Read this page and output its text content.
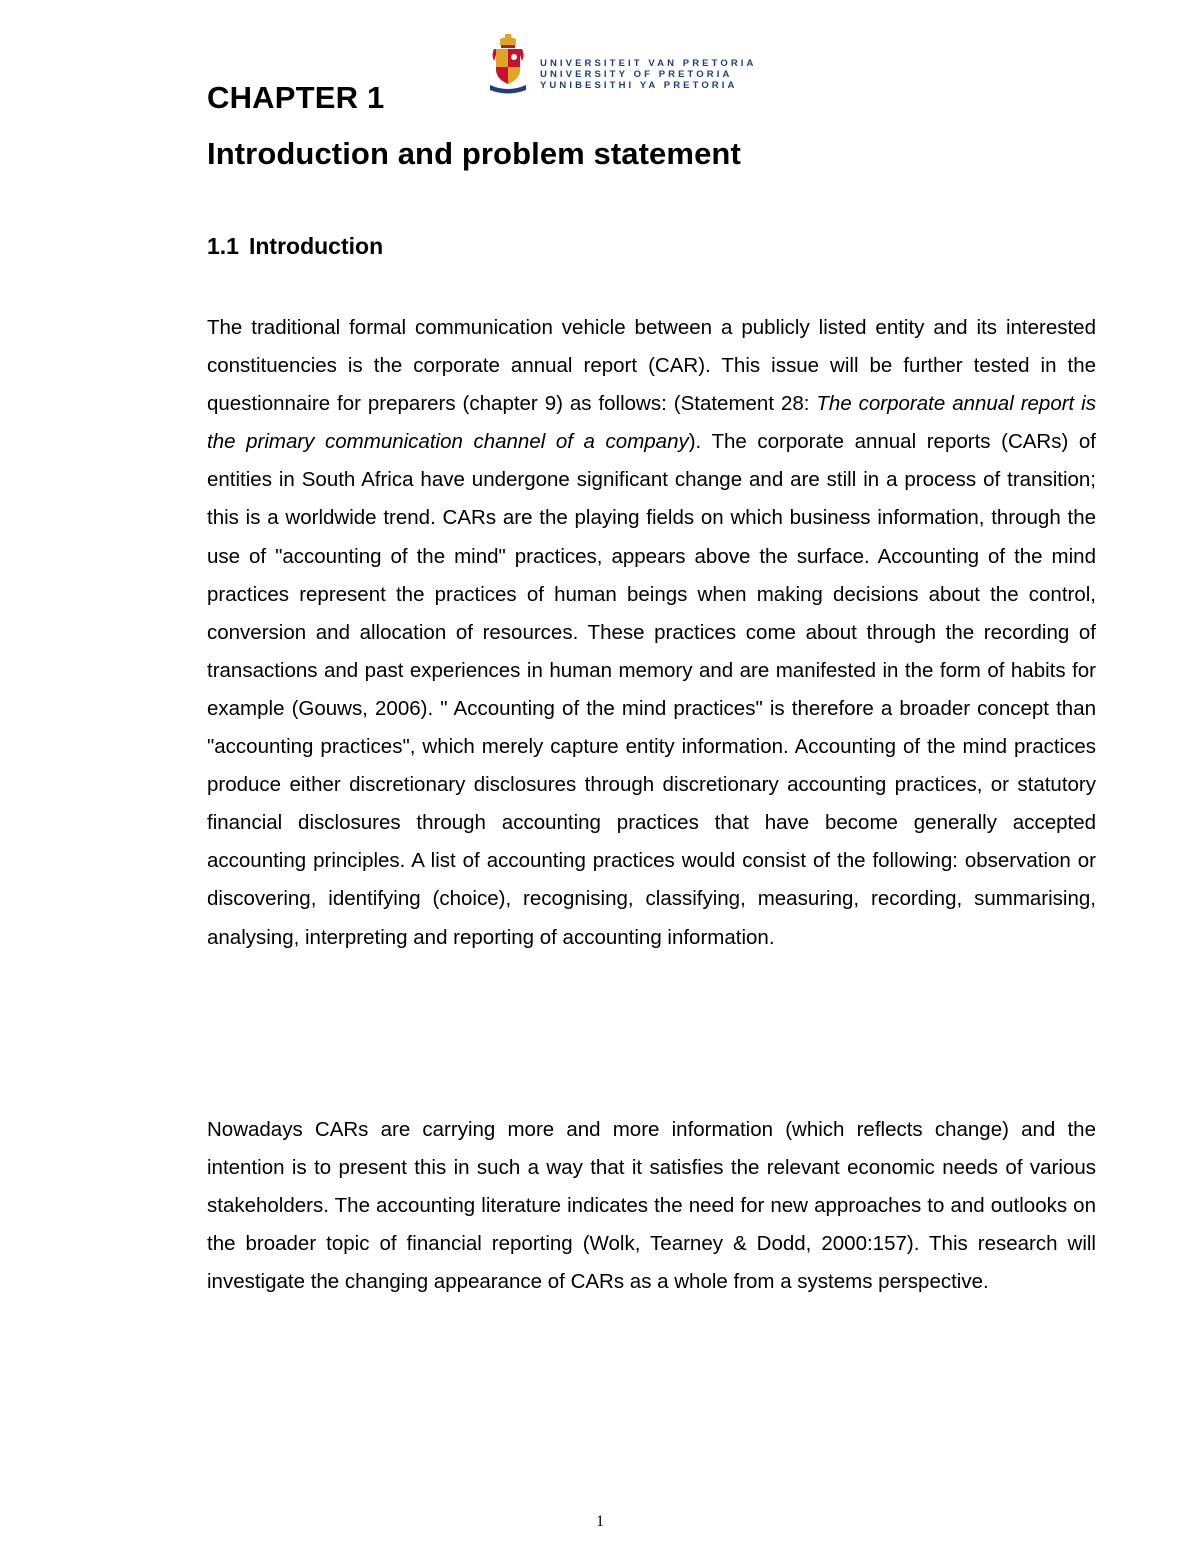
UNIVERSITEIT VAN PRETORIA
UNIVERSITY OF PRETORIA
YUNIBESITHI YA PRETORIA
CHAPTER 1
Introduction and problem statement
1.1 Introduction

The traditional formal communication vehicle between a publicly listed entity and its interested constituencies is the corporate annual report (CAR). This issue will be further tested in the questionnaire for preparers (chapter 9) as follows: (Statement 28: The corporate annual report is the primary communication channel of a company). The corporate annual reports (CARs) of entities in South Africa have undergone significant change and are still in a process of transition; this is a worldwide trend. CARs are the playing fields on which business information, through the use of "accounting of the mind" practices, appears above the surface. Accounting of the mind practices represent the practices of human beings when making decisions about the control, conversion and allocation of resources. These practices come about through the recording of transactions and past experiences in human memory and are manifested in the form of habits for example (Gouws, 2006). " Accounting of the mind practices" is therefore a broader concept than "accounting practices", which merely capture entity information. Accounting of the mind practices produce either discretionary disclosures through discretionary accounting practices, or statutory financial disclosures through accounting practices that have become generally accepted accounting principles. A list of accounting practices would consist of the following: observation or discovering, identifying (choice), recognising, classifying, measuring, recording, summarising, analysing, interpreting and reporting of accounting information.

Nowadays CARs are carrying more and more information (which reflects change) and the intention is to present this in such a way that it satisfies the relevant economic needs of various stakeholders. The accounting literature indicates the need for new approaches to and outlooks on the broader topic of financial reporting (Wolk, Tearney & Dodd, 2000:157). This research will investigate the changing appearance of CARs as a whole from a systems perspective.

1
